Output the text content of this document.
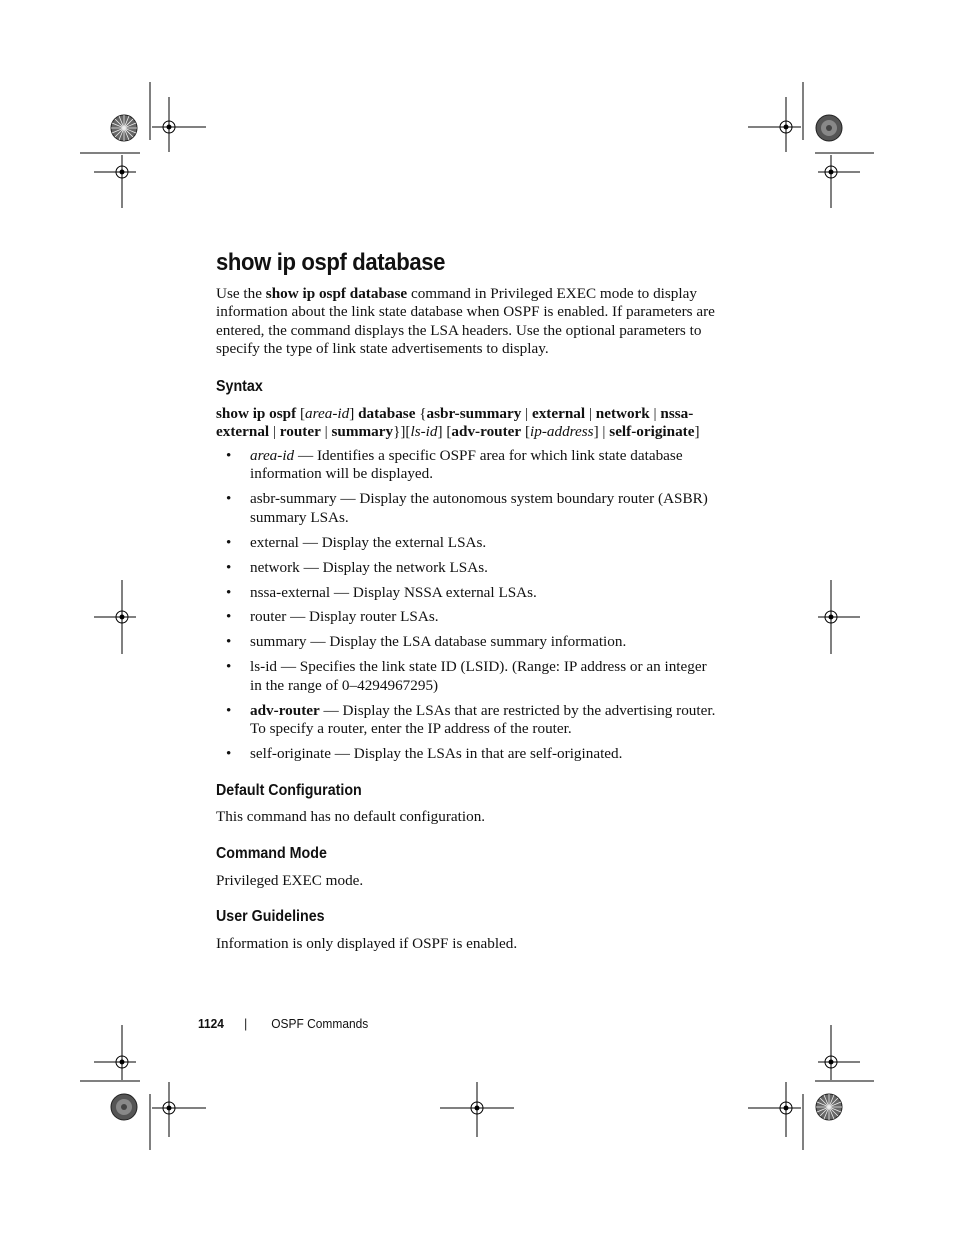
show ip ospf database

Use the show ip ospf database command in Privileged EXEC mode to display information about the link state database when OSPF is enabled. If parameters are entered, the command displays the LSA headers. Use the optional parameters to specify the type of link state advertisements to display.

Syntax

show ip ospf [area-id] database {asbr-summary | external | network | nssa-external | router | summary}][ls-id] [adv-router [ip-address] | self-originate]

• area-id — Identifies a specific OSPF area for which link state database information will be displayed.
• asbr-summary — Display the autonomous system boundary router (ASBR) summary LSAs.
• external — Display the external LSAs.
• network — Display the network LSAs.
• nssa-external — Display NSSA external LSAs.
• router — Display router LSAs.
• summary — Display the LSA database summary information.
• ls-id — Specifies the link state ID (LSID). (Range: IP address or an integer in the range of 0–4294967295)
• adv-router — Display the LSAs that are restricted by the advertising router. To specify a router, enter the IP address of the router.
• self-originate — Display the LSAs in that are self-originated.
Default Configuration

This command has no default configuration.

Command Mode

Privileged EXEC mode.

User Guidelines

Information is only displayed if OSPF is enabled.

1124 | OSPF Commands
